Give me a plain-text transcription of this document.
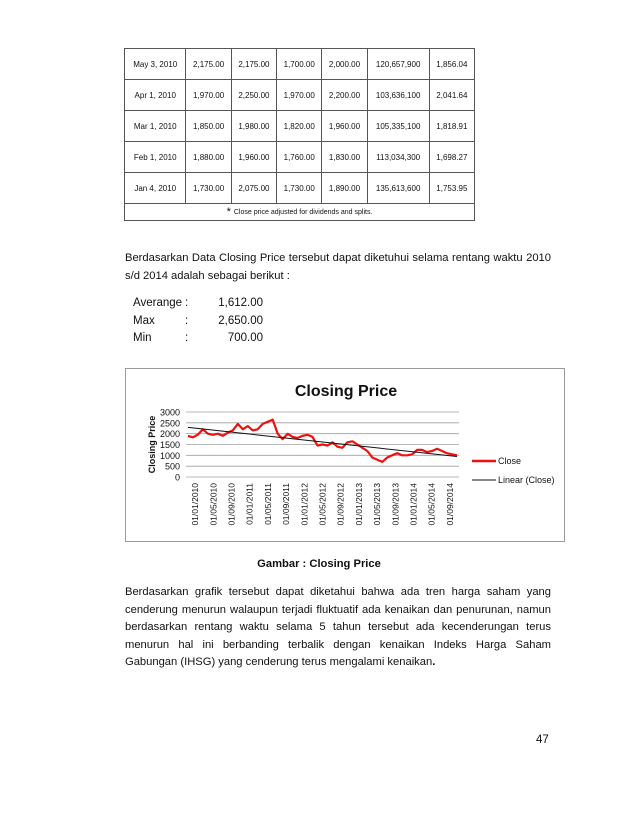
May 3, 2010	2,175.00	2,175.00	1,700.00	2,000.00	120,657,900	1,856.04
Apr 1, 2010	1,970.00	2,250.00	1,970.00	2,200.00	103,636,100	2,041.64
Mar 1, 2010	1,850.00	1,980.00	1,820.00	1,960.00	105,335,100	1,818.91
Feb 1, 2010	1,880.00	1,960.00	1,760.00	1,830.00	113,034,300	1,698.27
Jan 4, 2010	1,730.00	2,075.00	1,730.00	1,890.00	135,613,600	1,753.95
* Close price adjusted for dividends and splits.						
Berdasarkan Data Closing Price tersebut dapat diketuhui selama rentang waktu 2010 s/d 2014 adalah sebagai berikut :
Averange :	1,612.00
Max	:	2,650.00
Min	:	700.00
Closing Price
Closing Price
0
500
1000
1500
2000
2500
3000
01/01/2010 01/05/2010 01/09/2010 01/01/2011 01/05/2011 01/09/2011 01/01/2012 01/05/2012 01/09/2012 01/01/2013 01/05/2013 01/09/2013 01/01/2014 01/05/2014 01/09/2014
Close
Linear (Close)
Gambar : Closing Price
Berdasarkan grafik tersebut dapat diketahui bahwa ada tren harga saham yang cenderung menurun walaupun terjadi fluktuatif ada kenaikan dan penurunan, namun berdasarkan rentang waktu selama 5 tahun tersebut ada kecenderungan terus menurun hal ini berbanding terbalik dengan kenaikan Indeks Harga Saham Gabungan (IHSG) yang cenderung terus mengalami kenaikan.
47
